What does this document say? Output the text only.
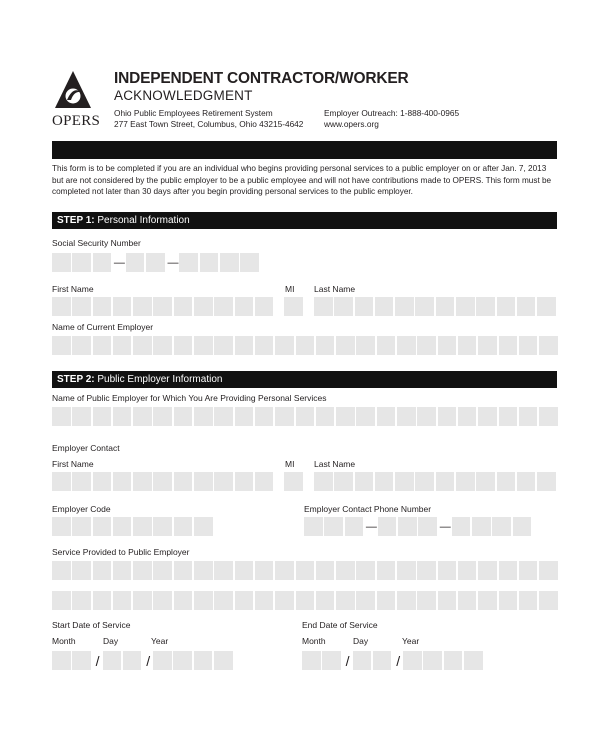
OPERS
INDEPENDENT CONTRACTOR/WORKER
ACKNOWLEDGMENT
Ohio Public Employees Retirement System
277 East Town Street, Columbus, Ohio 43215-4642
Employer Outreach: 1-888-400-0965
www.opers.org
This form is to be completed if you are an individual who begins providing personal services to a public employer on or after Jan. 7, 2013 but are not considered by the public employer to be a public employee and will not have contributions made to OPERS. This form must be completed not later than 30 days after you begin providing personal services to the public employer.
STEP 1: Personal Information
Social Security Number
—	—
First Name	MI Last Name
Name of Current Employer
STEP 2: Public Employer Information
Name of Public Employer for Which You Are Providing Personal Services
Employer Contact
First Name	MI Last Name
Employer Code	Employer Contact Phone Number
—	—
Service Provided to Public Employer
Start Date of Service	End Date of Service
Month	Day	Year	Month	Day	Year
/	/	/	/
